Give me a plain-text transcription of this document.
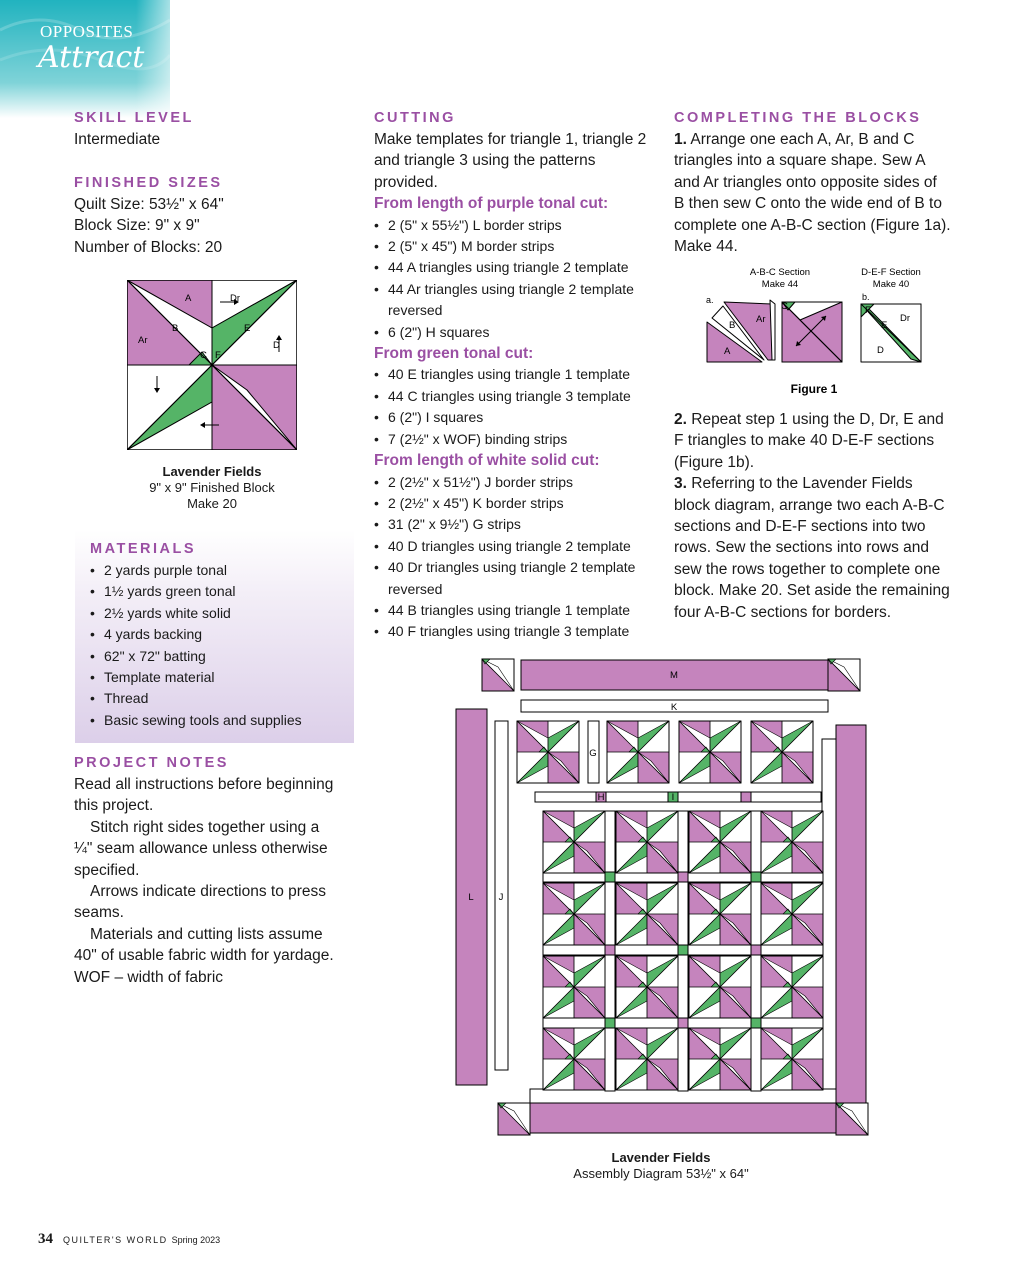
OPPOSITES
Attract
SKILL LEVEL
Intermediate
FINISHED SIZES
Quilt Size: 53½" x 64"
Block Size: 9" x 9"
Number of Blocks: 20
A	Dr
B	E
Ar	D
C F
Lavender Fields
9" x 9" Finished Block
Make 20
MATERIALS
• 2 yards purple tonal
• 1½ yards green tonal
• 2½ yards white solid
• 4 yards backing
• 62" x 72" batting
• Template material
• Thread
• Basic sewing tools and supplies
PROJECT NOTES
Read all instructions before beginning
this project.
Stitch right sides together using a
¼" seam allowance unless otherwise
specified.
Arrows indicate directions to press
seams.
Materials and cutting lists assume
40" of usable fabric width for yardage.
WOF – width of fabric
CUTTING
Make templates for triangle 1, triangle 2
and triangle 3 using the patterns
provided.
From length of purple tonal cut:
• 2 (5" x 55½") L border strips
• 2 (5" x 45") M border strips
• 44 A triangles using triangle 2 template
• 44 Ar triangles using triangle 2 template
reversed
• 6 (2") H squares
From green tonal cut:
• 40 E triangles using triangle 1 template
• 44 C triangles using triangle 3 template
• 6 (2") I squares
• 7 (2½" x WOF) binding strips
From length of white solid cut:
• 2 (2½" x 51½") J border strips
• 2 (2½" x 45") K border strips
• 31 (2" x 9½") G strips
• 40 D triangles using triangle 2 template
• 40 Dr triangles using triangle 2 template
reversed
• 44 B triangles using triangle 1 template
• 40 F triangles using triangle 3 template
COMPLETING THE BLOCKS
1. Arrange one each A, Ar, B and C
triangles into a square shape. Sew A
and Ar triangles onto opposite sides of
B then sew C onto the wide end of B to
complete one A-B-C section (Figure 1a).
Make 44.
A-B-C Section
Make 44
D-E-F Section
Make 40
a.	b.
A
B
Ar
C	F
E
Dr
D
Figure 1
2. Repeat step 1 using the D, Dr, E and
F triangles to make 40 D-E-F sections
(Figure 1b).
3. Referring to the Lavender Fields
block diagram, arrange two each A-B-C
sections and D-E-F sections into two
rows. Sew the sections into rows and
sew the rows together to complete one
block. Make 20. Set aside the remaining
four A-B-C sections for borders.
M
K
L	J
G
H	I
Lavender Fields
Assembly Diagram 53½" x 64"
34 QUILTER'S WORLD Spring 2023
